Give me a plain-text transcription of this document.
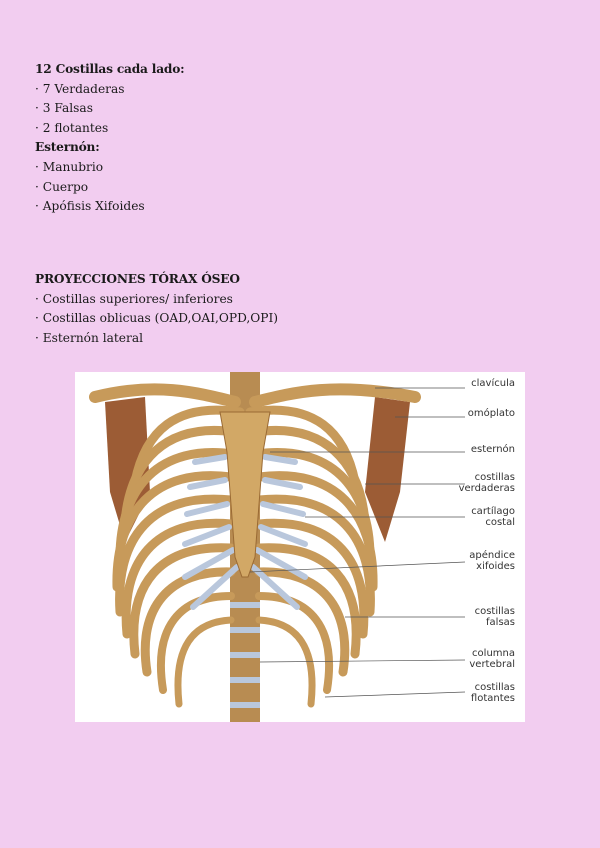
12 Costillas cada lado:
· 7 Verdaderas
· 3 Falsas
· 2 flotantes
Esternón:
· Manubrio
· Cuerpo
· Apófisis Xifoides
PROYECCIONES TÓRAX ÓSEO
· Costillas superiores/ inferiores
· Costillas oblicuas (OAD,OAI,OPD,OPI)
· Esternón lateral
clavícula
omóplato
esternón
costillas
verdaderas
cartílago
costal
apéndice
xifoides
costillas
falsas
columna
vertebral
costillas
flotantes
